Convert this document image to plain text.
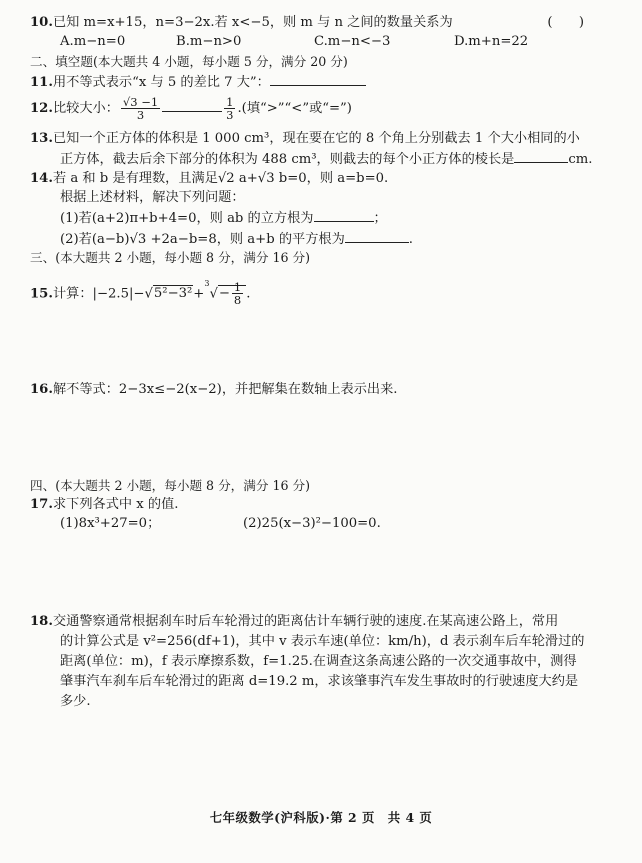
10.已知 m=x+15，n=3−2x.若 x<−5，则 m 与 n 之间的数量关系为	(　　)
A.m−n=0	B.m−n>0	C.m−n<−3	D.m+n=22
二、填空题(本大题共 4 小题，每小题 5 分，满分 20 分)
11.用不等式表示“x 与 5 的差比 7 大”：
12.比较大小： $\frac{√3 -1}{3}$	$\frac{1}{3}$ .(填“>”“<”或“=”)
13.已知一个正方体的体积是 1 000 cm³，现在要在它的 8 个角上分别截去 1 个大小相同的小
正方体，截去后余下部分的体积为 488 cm³，则截去的每个小正方体的棱长是	cm.
14.若 a 和 b 是有理数，且满足√2 a+√3 b=0，则 a=b=0.
根据上述材料，解决下列问题：
(1)若(a+2)π+b+4=0，则 ab 的立方根为	；
(2)若(a−b)√3 +2a−b=8，则 a+b 的平方根为	.
三、(本大题共 2 小题，每小题 8 分，满分 16 分)
15.计算：$|-2.5|-√5^2-3^2+^3√- \frac{1}{8}$ .
16.解不等式：2−3x≤−2(x−2)，并把解集在数轴上表示出来.
四、(本大题共 2 小题，每小题 8 分，满分 16 分)
17.求下列各式中 x 的值.
(1)8x³+27=0；	(2)25(x−3)²−100=0.
18.交通警察通常根据刹车时后车轮滑过的距离估计车辆行驶的速度.在某高速公路上，常用
的计算公式是 v²=256(df+1)，其中 v 表示车速(单位：km/h)，d 表示刹车后车轮滑过的
距离(单位：m)，f 表示摩擦系数，f=1.25.在调查这条高速公路的一次交通事故中，测得
肇事汽车刹车后车轮滑过的距离 d=19.2 m，求该肇事汽车发生事故时的行驶速度大约是
多少.
七年级数学(沪科版)·第 2 页　共 4 页
